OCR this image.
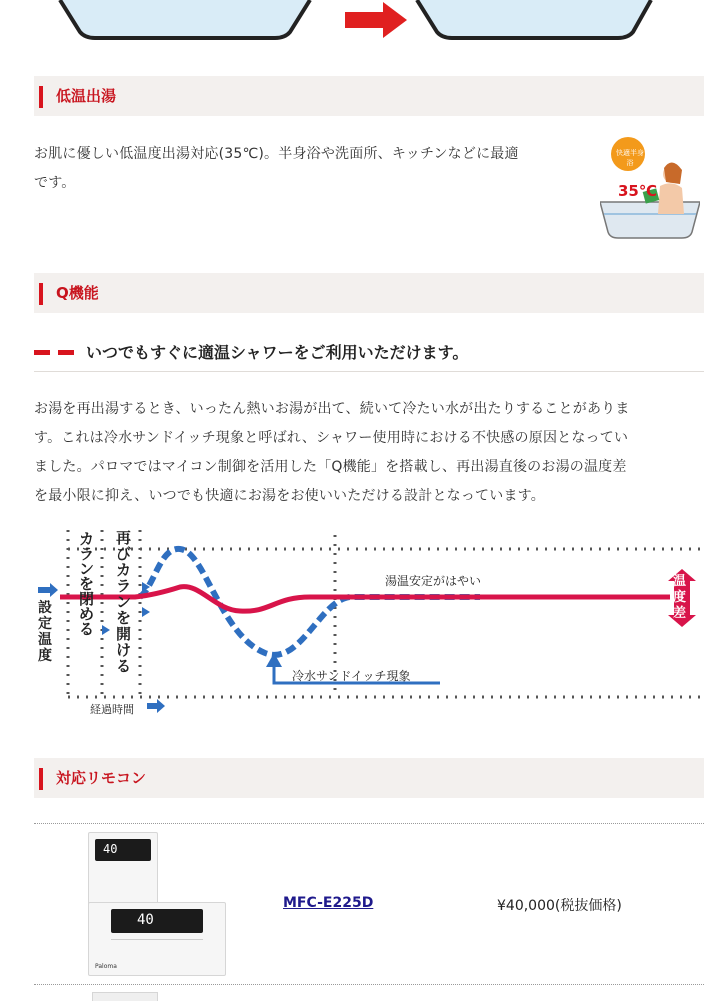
低温出湯
お肌に優しい低温度出湯対応(35℃)。半身浴や洗面所、キッチンなどに最適
です。
快適半身浴
35℃
Q機能
いつでもすぐに適温シャワーをご利用いただけます。
お湯を再出湯するとき、いったん熱いお湯が出て、続いて冷たい水が出たりすることがありま
す。これは冷水サンドイッチ現象と呼ばれ、シャワー使用時における不快感の原因となってい
ました。パロマではマイコン制御を活用した「Q機能」を搭載し、再出湯直後のお湯の温度差
を最小限に抑え、いつでも快適にお湯をお使いいただける設計となっています。
設定温度
カランを閉める
再びカランを開ける
湯温安定がはやい
冷水サンドイッチ現象
経過時間
温度差
対応リモコン
40
40
Paloma
MFC-E225D	¥40,000(税抜価格)
